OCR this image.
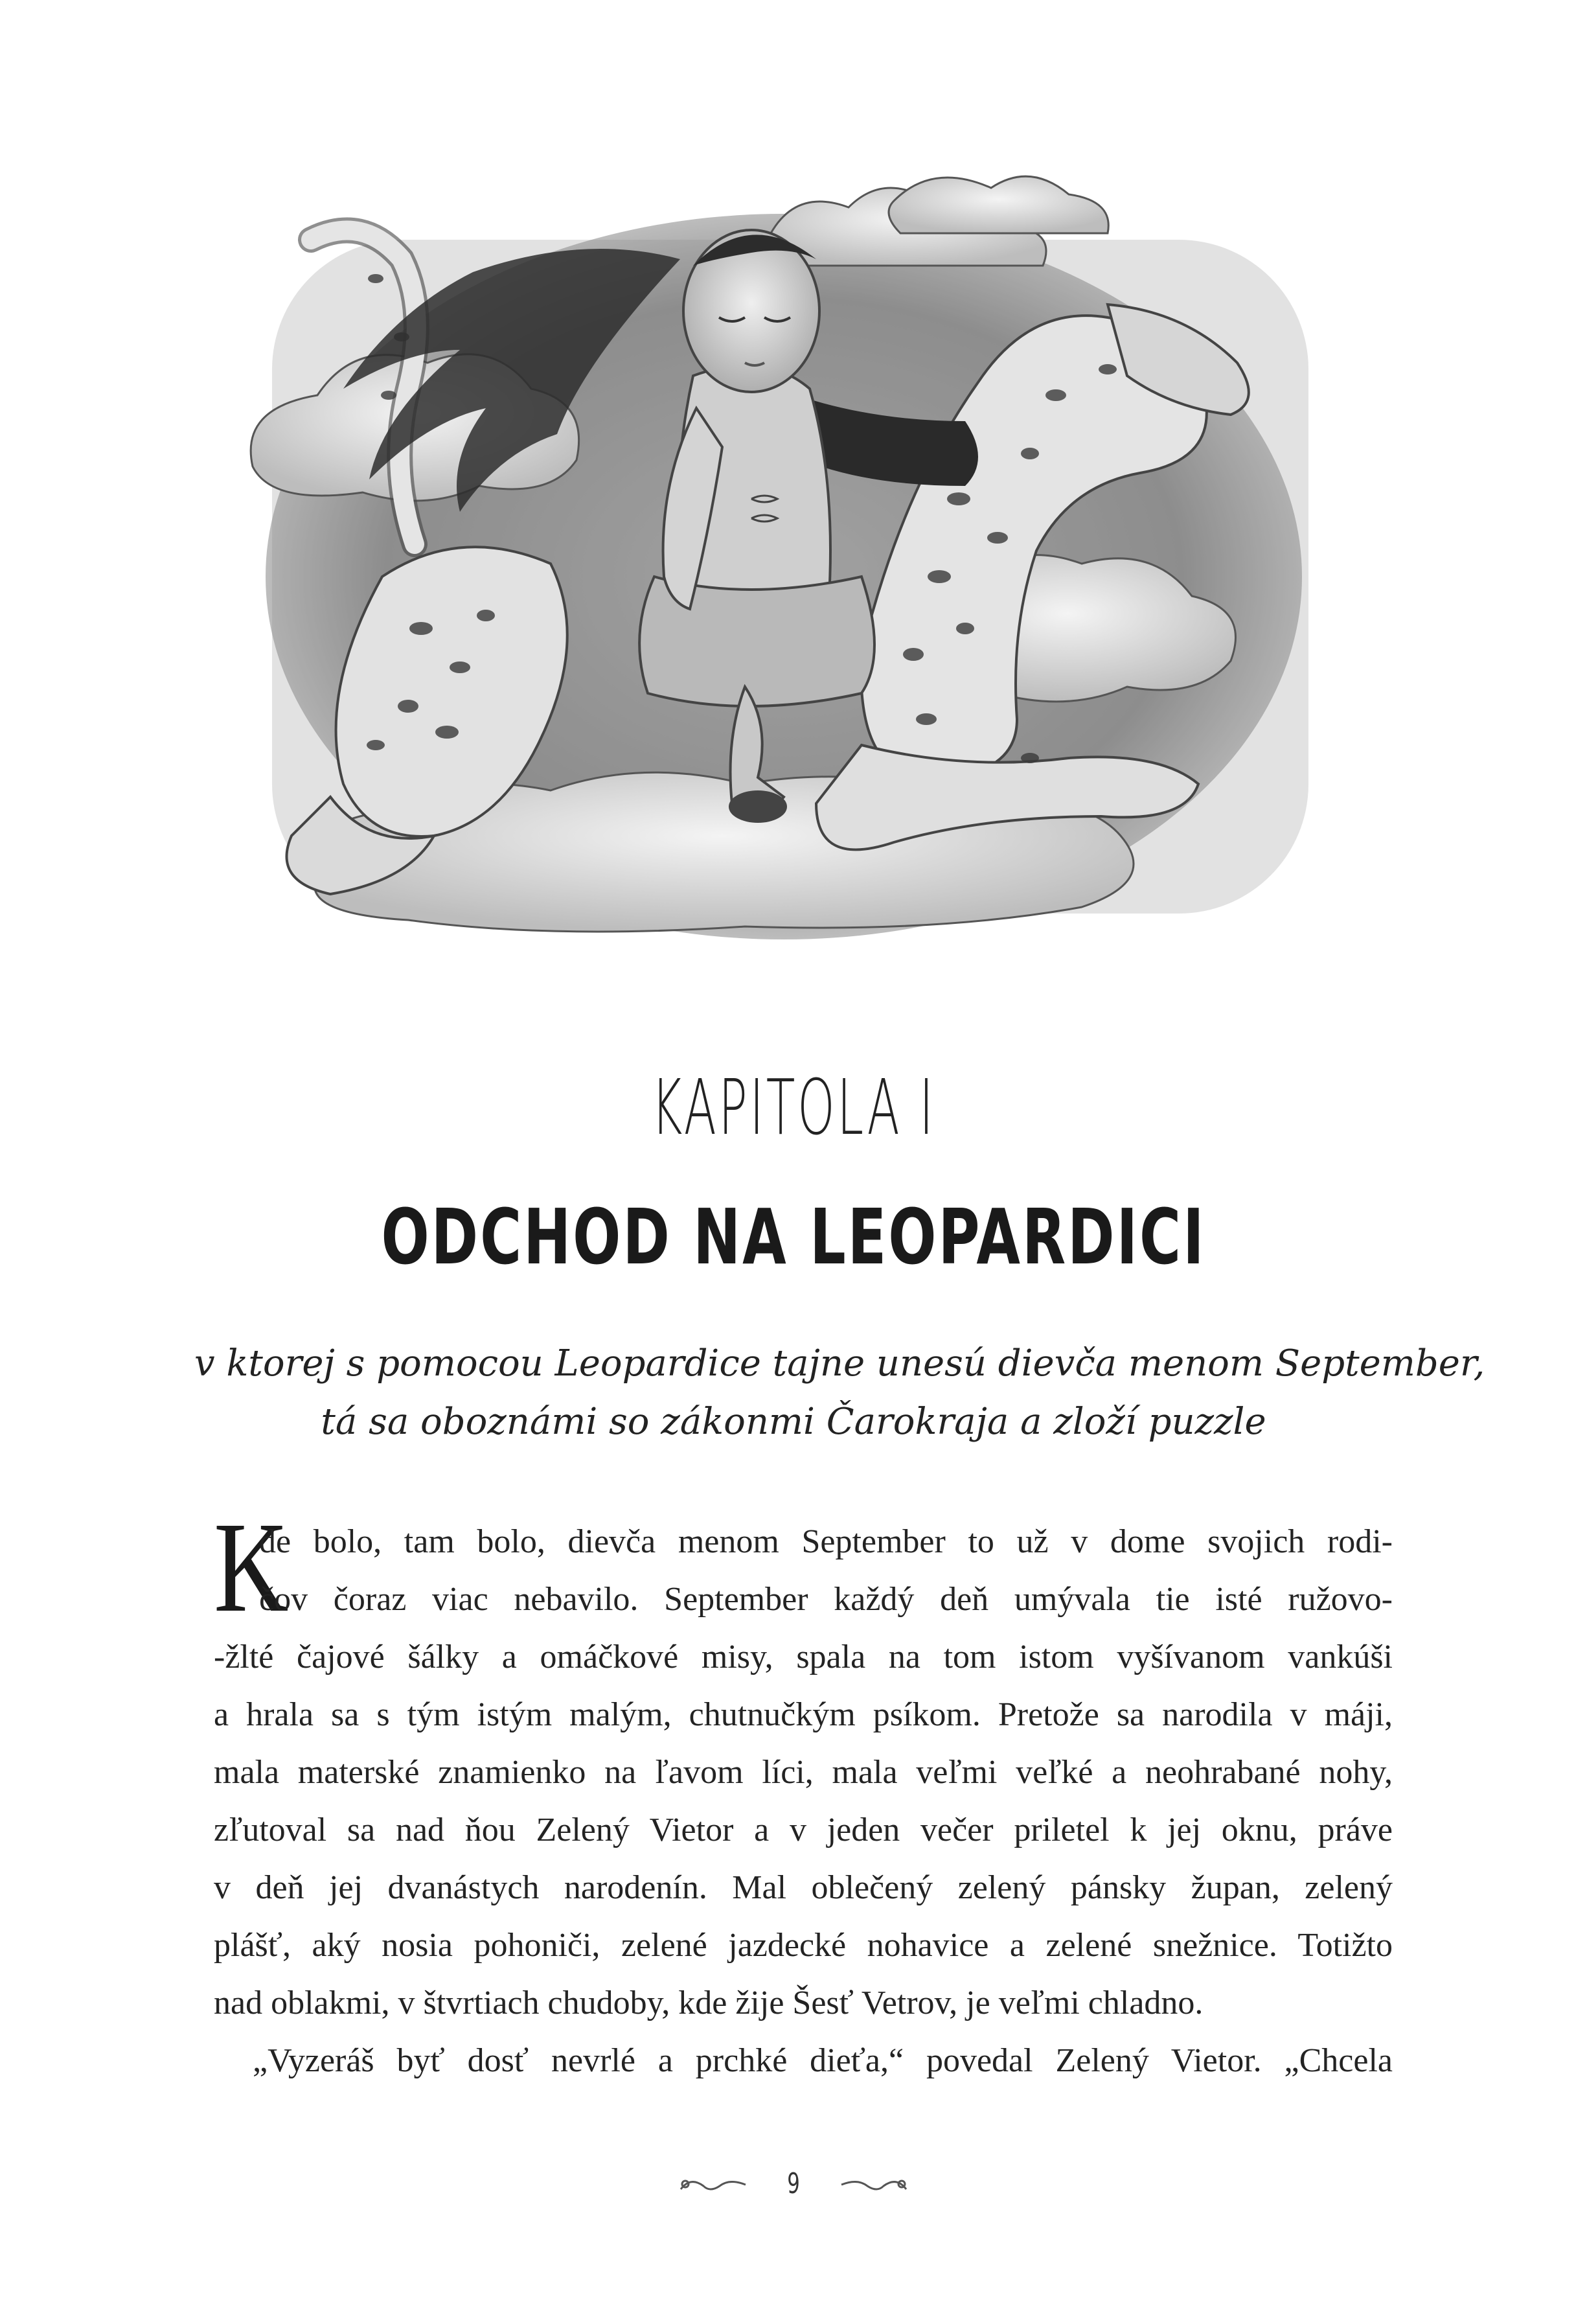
KAPITOLA I
ODCHOD NA LEOPARDICI
v ktorej s pomocou Leopardice tajne unesú dievča menom September,
tá sa oboznámi so zákonmi Čarokraja a zloží puzzle
K
de bolo, tam bolo, dievča menom September to už v dome svojich rodi-
čov čoraz viac nebavilo. September každý deň umývala tie isté ružovo-
-žlté čajové šálky a omáčkové misy, spala na tom istom vyšívanom vankúši
a hrala sa s tým istým malým, chutnučkým psíkom. Pretože sa narodila v máji,
mala materské znamienko na ľavom líci, mala veľmi veľké a neohrabané nohy,
zľutoval sa nad ňou Zelený Vietor a v jeden večer priletel k jej oknu, práve
v deň jej dvanástych narodenín. Mal oblečený zelený pánsky župan, zelený
plášť, aký nosia pohoniči, zelené jazdecké nohavice a zelené snežnice. Totižto
nad oblakmi, v štvrtiach chudoby, kde žije Šesť Vetrov, je veľmi chladno.
„Vyzeráš byť dosť nevrlé a prchké dieťa,“ povedal Zelený Vietor. „Chcela
9
